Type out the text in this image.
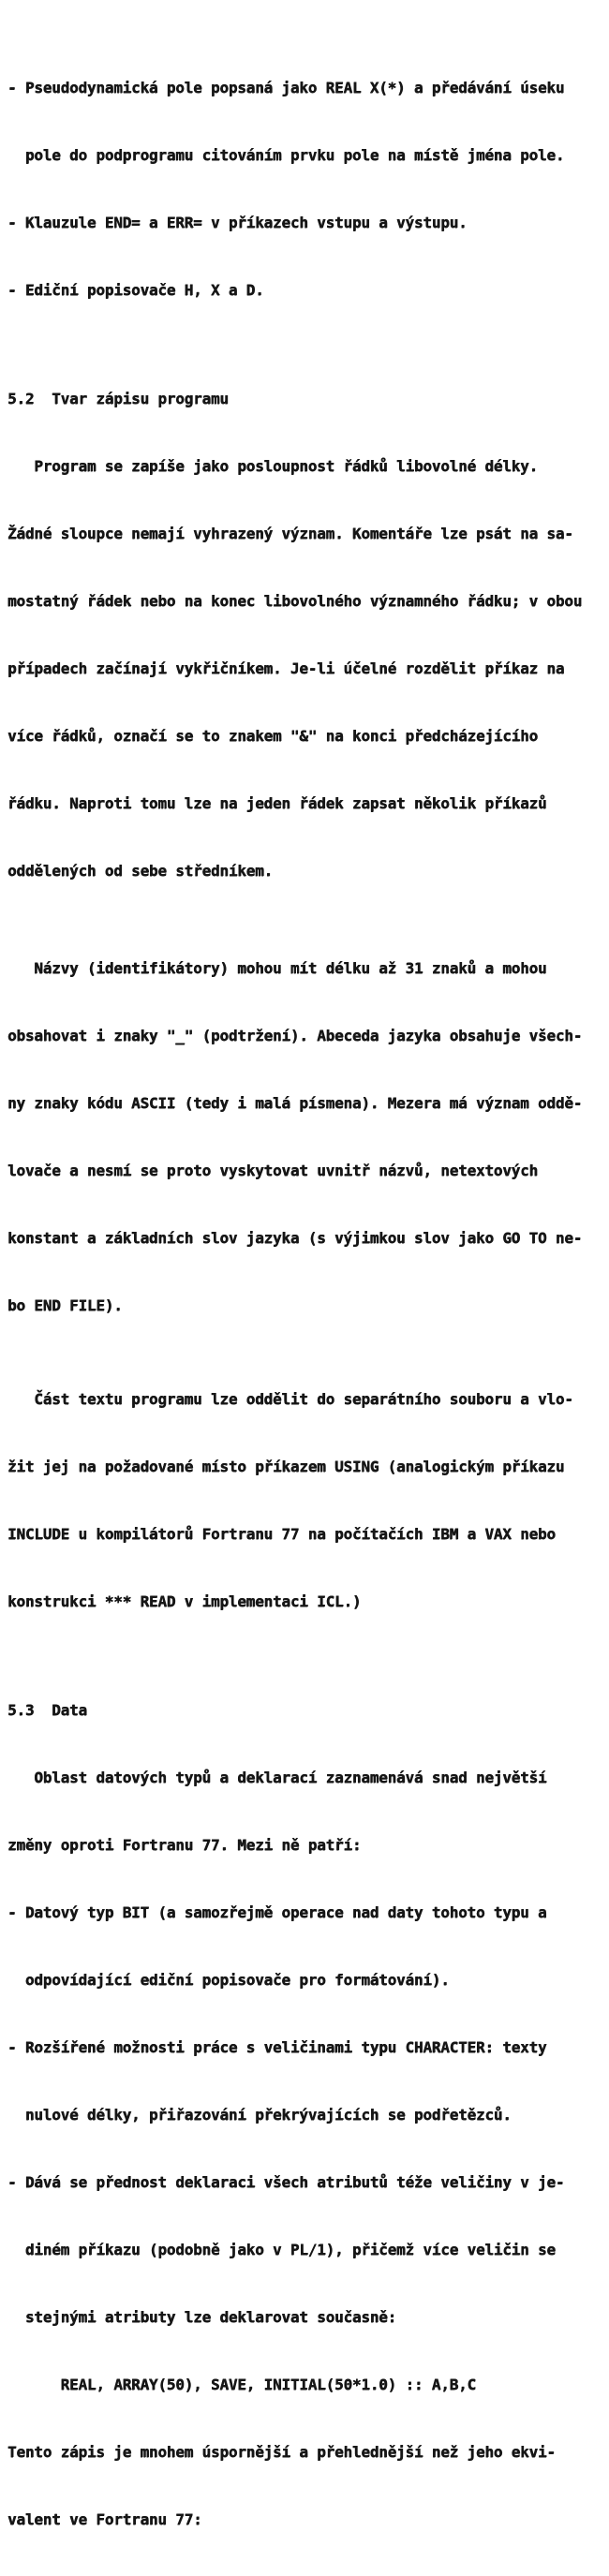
- Pseudodynamická pole popsaná jako REAL X(*) a předávání úseku

pole do podprogramu citováním prvku pole na místě jména pole.

- Klauzule END= a ERR= v příkazech vstupu a výstupu.

- Ediční popisovače H, X a D.

5.2  Tvar zápisu programu

Program se zapíše jako posloupnost řádků libovolné délky.

Žádné sloupce nemají vyhrazený význam. Komentáře lze psát na sa-

mostatný řádek nebo na konec libovolného významného řádku; v obou

případech začínají vykřičníkem. Je-li účelné rozdělit příkaz na

více řádků, označí se to znakem "&" na konci předcházejícího

řádku. Naproti tomu lze na jeden řádek zapsat několik příkazů

oddělených od sebe středníkem.

Názvy (identifikátory) mohou mít délku až 31 znaků a mohou

obsahovat i znaky "_" (podtržení). Abeceda jazyka obsahuje všech-

ny znaky kódu ASCII (tedy i malá písmena). Mezera má význam oddě-

lovače a nesmí se proto vyskytovat uvnitř názvů, netextových

konstant a základních slov jazyka (s výjimkou slov jako GO TO ne-

bo END FILE).

Část textu programu lze oddělit do separátního souboru a vlo-

žit jej na požadované místo příkazem USING (analogickým příkazu

INCLUDE u kompilátorů Fortranu 77 na počítačích IBM a VAX nebo

konstrukci *** READ v implementaci ICL.)

5.3  Data

Oblast datových typů a deklarací zaznamenává snad největší

změny oproti Fortranu 77. Mezi ně patří:

- Datový typ BIT (a samozřejmě operace nad daty tohoto typu a

odpovídající ediční popisovače pro formátování).

- Rozšířené možnosti práce s veličinami typu CHARACTER: texty

nulové délky, přiřazování překrývajících se podřetězců.

- Dává se přednost deklaraci všech atributů téže veličiny v je-

diném příkazu (podobně jako v PL/1), přičemž více veličin se

stejnými atributy lze deklarovat současně:

REAL, ARRAY(50), SAVE, INITIAL(50*1.0) :: A,B,C

Tento zápis je mnohem úspornější a přehlednější než jeho ekvi-

valent ve Fortranu 77:
